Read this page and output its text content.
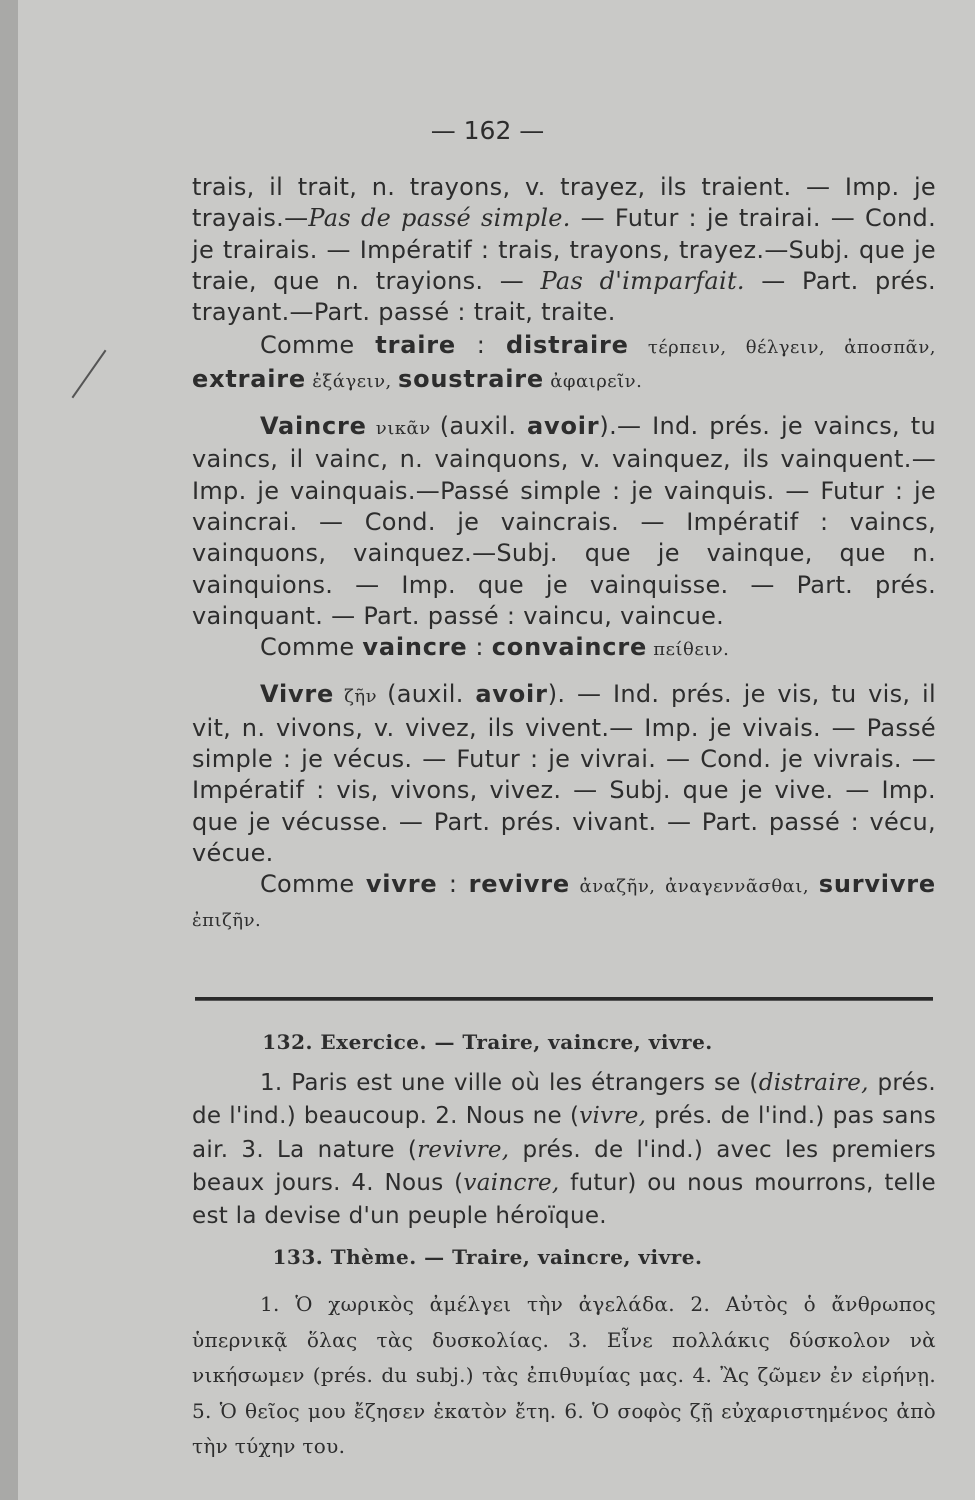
— 162 —

trais, il trait, n. trayons, v. trayez, ils traient. — Imp. je trayais.—Pas de passé simple. — Futur : je trairai. — Cond. je trairais. — Impératif : trais, trayons, trayez.—Subj. que je traie, que n. trayions. — Pas d'imparfait. — Part. prés. trayant.—Part. passé : trait, traite.

Comme traire : distraire τέρπειν, θέλγειν, ἀποσπᾶν, extraire ἐξάγειν, soustraire ἀφαιρεῖν.

Vaincre νικᾶν (auxil. avoir).— Ind. prés. je vaincs, tu vaincs, il vainc, n. vainquons, v. vainquez, ils vainquent.— Imp. je vainquais.—Passé simple : je vainquis. — Futur : je vaincrai. — Cond. je vaincrais. — Impératif : vaincs, vainquons, vainquez.—Subj. que je vainque, que n. vainquions. — Imp. que je vainquisse. — Part. prés. vainquant. — Part. passé : vaincu, vaincue.

Comme vaincre : convaincre πείθειν.

Vivre ζῆν (auxil. avoir). — Ind. prés. je vis, tu vis, il vit, n. vivons, v. vivez, ils vivent.— Imp. je vivais. — Passé simple : je vécus. — Futur : je vivrai. — Cond. je vivrais. — Impératif : vis, vivons, vivez. — Subj. que je vive. — Imp. que je vécusse. — Part. prés. vivant. — Part. passé : vécu, vécue.

Comme vivre : revivre ἀναζῆν, ἀναγεννᾶσθαι, survivre ἐπιζῆν.

132. Exercice. — Traire, vaincre, vivre.

1. Paris est une ville où les étrangers se (distraire, prés. de l'ind.) beaucoup. 2. Nous ne (vivre, prés. de l'ind.) pas sans air. 3. La nature (revivre, prés. de l'ind.) avec les premiers beaux jours. 4. Nous (vaincre, futur) ou nous mourrons, telle est la devise d'un peuple héroïque.

133. Thème. — Traire, vaincre, vivre.

1. Ὁ χωρικὸς ἀμέλγει τὴν ἀγελάδα. 2. Αὐτὸς ὁ ἄνθρωπος ὑπερνικᾷ ὅλας τὰς δυσκολίας. 3. Εἶνε πολλάκις δύσκολον νὰ νικήσωμεν (prés. du subj.) τὰς ἐπιθυμίας μας. 4. Ἂς ζῶμεν ἐν εἰρήνῃ. 5. Ὁ θεῖος μου ἔζησεν ἑκατὸν ἔτη. 6. Ὁ σοφὸς ζῇ εὐχαριστημένος ἀπὸ τὴν τύχην του.
